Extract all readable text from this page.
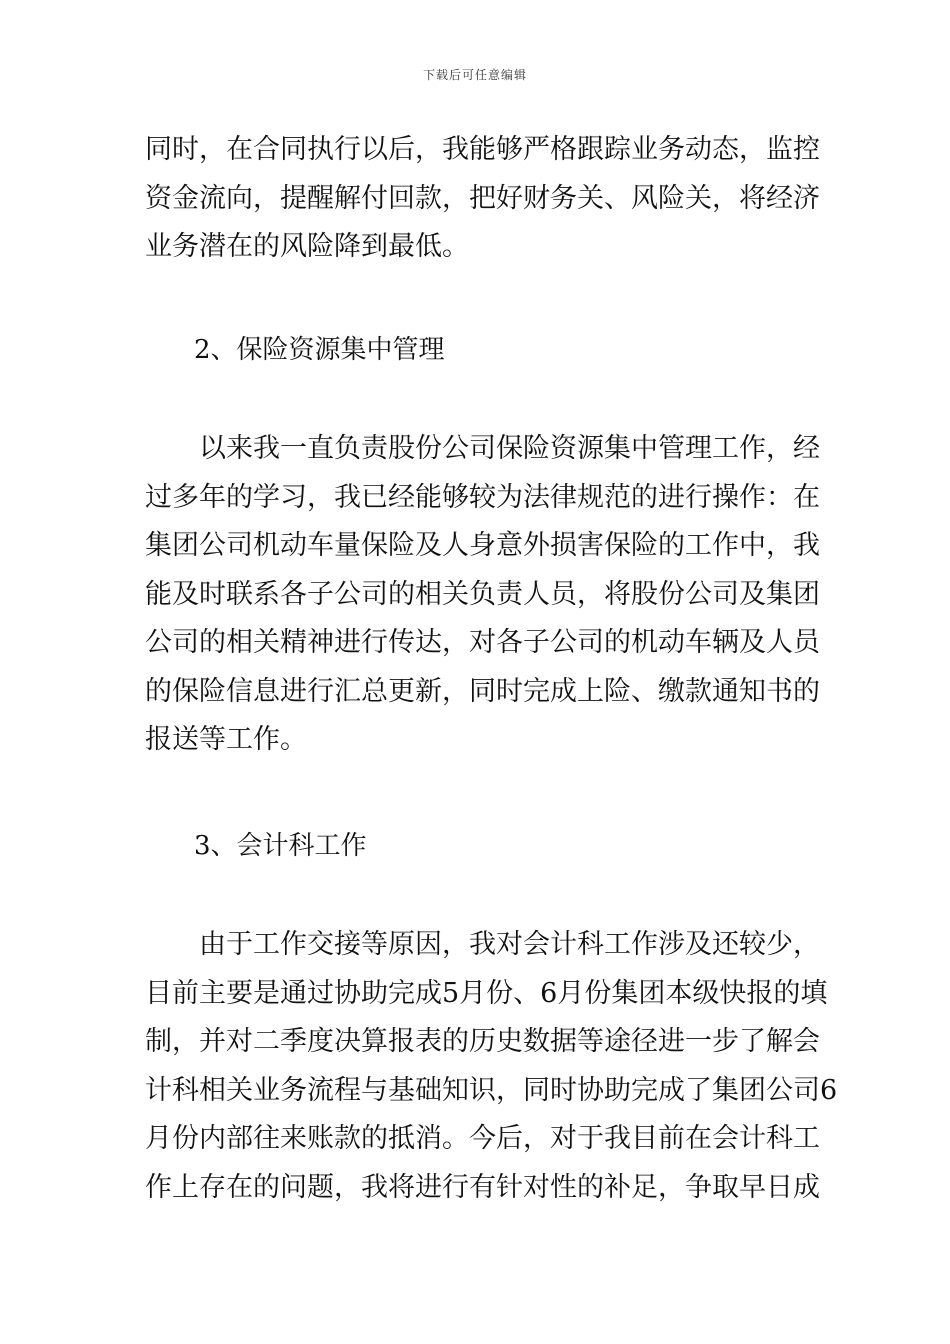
下载后可任意编辑
同时，在合同执行以后，我能够严格跟踪业务动态，监控
资金流向，提醒解付回款，把好财务关、风险关，将经济
业务潜在的风险降到最低。
2、保险资源集中管理
　　以来我一直负责股份公司保险资源集中管理工作，经
过多年的学习，我已经能够较为法律规范的进行操作：在
集团公司机动车量保险及人身意外损害保险的工作中，我
能及时联系各子公司的相关负责人员，将股份公司及集团
公司的相关精神进行传达，对各子公司的机动车辆及人员
的保险信息进行汇总更新，同时完成上险、缴款通知书的
报送等工作。
3、会计科工作
　　由于工作交接等原因，我对会计科工作涉及还较少，
目前主要是通过协助完成5月份、6月份集团本级快报的填
制，并对二季度决算报表的历史数据等途径进一步了解会
计科相关业务流程与基础知识，同时协助完成了集团公司6
月份内部往来账款的抵消。今后，对于我目前在会计科工
作上存在的问题，我将进行有针对性的补足，争取早日成
